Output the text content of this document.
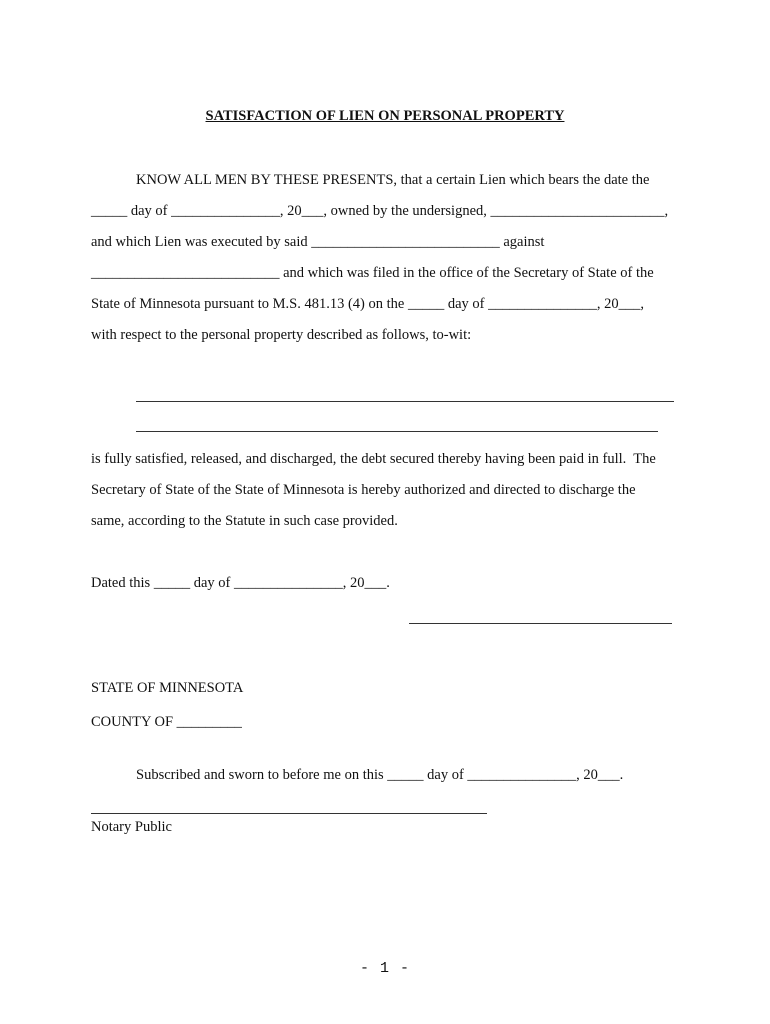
SATISFACTION OF LIEN ON PERSONAL PROPERTY
KNOW ALL MEN BY THESE PRESENTS, that a certain Lien which bears the date the
_____ day of _______________, 20___, owned by the undersigned, ________________________,
and which Lien was executed by said __________________________ against
__________________________ and which was filed in the office of the Secretary of State of the
State of Minnesota pursuant to M.S. 481.13 (4) on the _____ day of _______________, 20___,
with respect to the personal property described as follows, to-wit:
is fully satisfied, released, and discharged, the debt secured thereby having been paid in full.  The
Secretary of State of the State of Minnesota is hereby authorized and directed to discharge the
same, according to the Statute in such case provided.
Dated this _____ day of _______________, 20___.
STATE OF MINNESOTA
COUNTY OF _________
Subscribed and sworn to before me on this _____ day of _______________, 20___.
Notary Public
- 1 -
